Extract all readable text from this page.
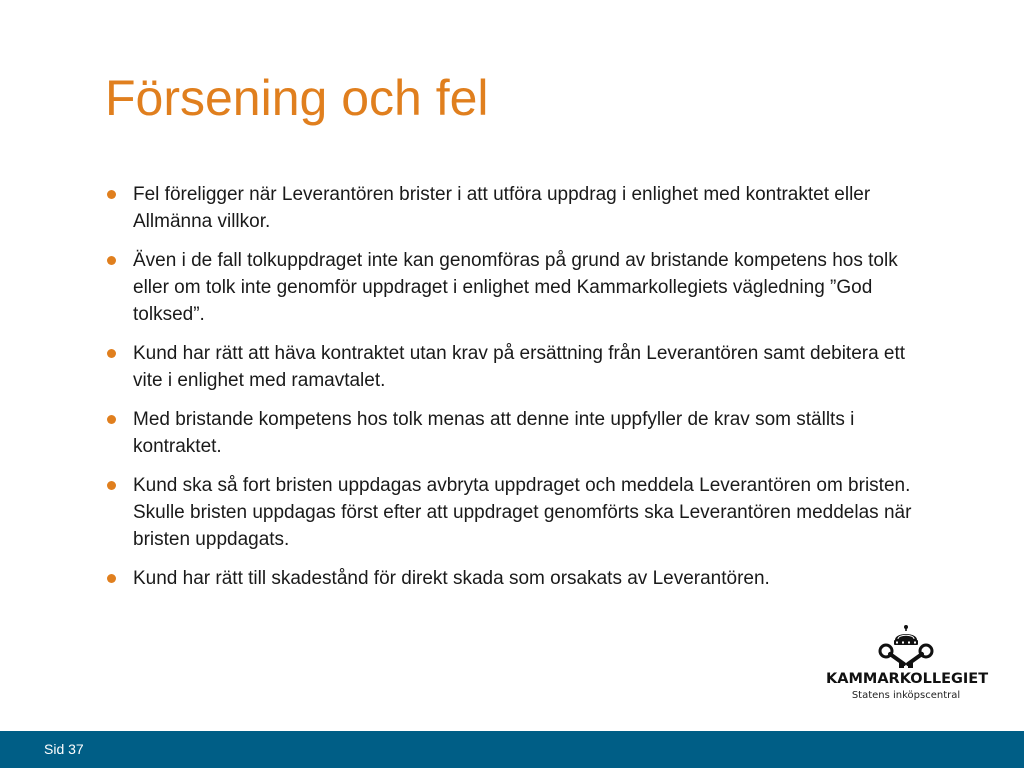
Försening och fel
Fel föreligger när Leverantören brister i att utföra uppdrag i enlighet med kontraktet eller Allmänna villkor.
Även i de fall tolkuppdraget inte kan genomföras på grund av bristande kompetens hos tolk eller om tolk inte genomför uppdraget i enlighet med Kammarkollegiets vägledning ”God tolksed”.
Kund har rätt att häva kontraktet utan krav på ersättning från Leverantören samt debitera ett vite i enlighet med ramavtalet.
Med bristande kompetens hos tolk menas att denne inte uppfyller de krav som ställts i kontraktet.
Kund ska så fort bristen uppdagas avbryta uppdraget och meddela Leverantören om bristen. Skulle bristen uppdagas först efter att uppdraget genomförts ska Leverantören meddelas när bristen uppdagats.
Kund har rätt till skadestånd för direkt skada som orsakats av Leverantören.
KAMMARKOLLEGIET
Statens inköpscentral
Sid 37
